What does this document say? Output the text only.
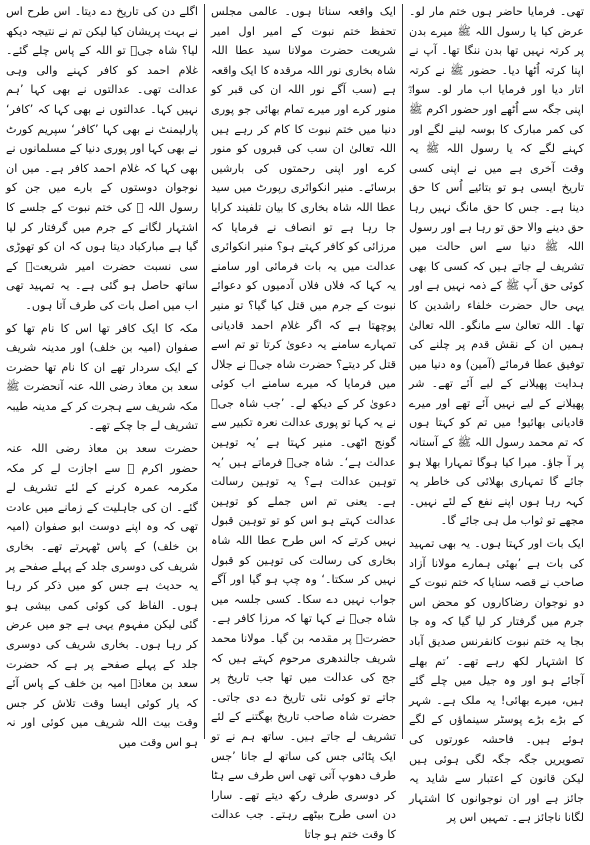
تھی۔ فرمایا حاضر ہوں ختم مار لو۔ عرض کیا یا رسول اللہ ﷺ میرے بدن پر کرتہ نہیں تھا بدن ننگا تھا۔ آپ نے اپنا کرتہ اُٹھا دیا۔ حضور ﷺ نے کرتہ اتار دیا اور فرمایا اب مار لو۔ سوادؓ اپنی جگہ سے اُٹھے اور حضور اکرم ﷺ کی کمر مبارک کا بوسہ لینے لگے اور کہنے لگے کہ یا رسول اللہ ﷺ یہ وقت آخری ہے میں نے اپنی کسی تاریخ ایسی ہو تو بتائیے اُس کا حق دینا ہے۔ جس کا حق مانگ نہیں رہا حق دینے والا حق تو رہا ہے اور رسول اللہ ﷺ دنیا سے اس حالت میں تشریف لے جاتے ہیں کہ کسی کا بھی کوئی حق آپ ﷺ کے ذمہ نہیں ہے اور یہی حال حضرت خلفاء راشدین کا تھا۔ اللہ تعالیٰ سے مانگو۔ اللہ تعالیٰ ہمیں ان کے نقش قدم پر چلنے کی توفیق عطا فرمائے (آمین) وہ دنیا میں ہدایت پھیلانے کے لیے آئے تھے۔ شر پھیلانے کے لیے نہیں آئے تھے اور میرے قادیانی بھائیو! میں تم کو کہتا ہوں کہ تم محمد رسول اللہ ﷺ کے آستانہ پر آ جاؤ۔ میرا کیا ہوگا تمہارا بھلا ہو جائے گا تمہاری بھلائی کی خاطر یہ کہہ رہا ہوں اپنے نفع کے لئے نہیں۔ مجھے تو ثواب مل ہی جائے گا۔

ایک بات اور کہتا ہوں۔ یہ بھی تمہید کی بات ہے ’بھئی ہمارے مولانا آزاد صاحب نے قصہ سنایا کہ ختم نبوت کے دو نوجوان رضاکاروں کو محض اس جرم میں گرفتار کر لیا گیا کہ وہ جا بجا یہ ختم نبوت کانفرنس صدیق آباد کا اشتہار لکھ رہے تھے۔ ’تم بھلے آجائے ہو اور وہ جیل میں چلے گئے ہیں، میرے بھائی! یہ ملک ہے۔ شہر کے بڑے بڑے پوسٹر سینماؤں کے لگے ہوئے ہیں۔ فاحشہ عورتوں کی تصویریں جگہ جگہ لگی ہوئی ہیں لیکن قانون کے اعتبار سے شاید یہ جائز ہے اور ان نوجوانوں کا اشتہار لگانا ناجائز ہے۔ تمہیں اس پر

ایک واقعہ سناتا ہوں۔ عالمی مجلس تحفظ ختم نبوت کے امیر اول امیر شریعت حضرت مولانا سید عطا اللہ شاہ بخاری نور اللہ مرقدہ کا ایک واقعہ ہے (سب آگے نور اللہ ان کی قبر کو منور کرے اور میرے تمام بھائی جو پوری دنیا میں ختم نبوت کا کام کر رہے ہیں اللہ تعالیٰ ان سب کی قبروں کو منور کرے اور اپنی رحمتوں کی بارشیں برسائے۔ منیر انکوائری رپورٹ میں سید عطا اللہ شاہ بخاری کا بیان تلفیند کرایا جا رہا ہے تو انصاف نے فرمایا کہ مرزائی کو کافر کہتے ہو؟ منیر انکوائری عدالت میں یہ بات فرمائی اور سامنے یہ کہا کہ فلاں فلاں آدمیوں کو دعوائے نبوت کے جرم میں قتل کیا گیا؟ تو منیر پوچھتا ہے کہ اگر غلام احمد قادیانی تمہارے سامنے یہ دعویٰ کرتا تو تم اسے قتل کر دیتے؟ حضرت شاہ جیؒ نے جلال میں فرمایا کہ میرے سامنے اب کوئی دعویٰ کر کے دیکھ لے۔ ’جب شاہ جیؒ نے یہ کہا تو پوری عدالت نعرہ تکبیر سے گونج اٹھی۔ منیر کہتا ہے ’یہ توہین عدالت ہے‘۔ شاہ جیؒ فرماتے ہیں ’یہ توہین عدالت ہے؟ یہ توہین رسالت ہے۔ یعنی تم اس جملے کو توہین عدالت کہتے ہو اس کو تو توہین قبول نہیں کرتے کہ اس طرح عطا اللہ شاہ بخاری کی رسالت کی توہین کو قبول نہیں کر سکتا۔‘ وہ چپ ہو گیا اور آگے جواب نہیں دے سکا۔ کسی جلسہ میں شاہ جیؒ نے کہا تھا کہ مرزا کافر ہے۔ حضرتؒ پر مقدمہ بن گیا۔ مولانا محمد شریف جالندھری مرحوم کہتے ہیں کہ جج کی عدالت میں تھا جب تاریخ پر جاتے تو کوئی نئی تاریخ دے دی جاتی۔ حضرت شاہ صاحب تاریخ بھگتنے کے لئے تشریف لے جاتے ہیں۔ ساتھ ہم نے تو ایک پٹائی جس کی ساتھ لے جانا ’جس طرف دھوپ آتی تھی اس طرف سے ہٹا کر دوسری طرف رکھ دیتے تھے۔ سارا دن اسی طرح بیٹھے رہتے۔ جب عدالت کا وقت ختم ہو جاتا

اگلے دن کی تاریخ دے دیتا۔ اس طرح اس نے بہت پریشان کیا لیکن تم نے نتیجہ دیکھ لیا؟ شاہ جیؒ تو اللہ کے پاس چلے گئے۔ غلام احمد کو کافر کہنے والی وہی عدالت تھی۔ عدالتوں نے بھی کہا ’ہم نہیں کہا۔ عدالتوں نے بھی کہا کہ ’کافر‘ پارلیمنٹ نے بھی کہا ’کافر‘ سپریم کورٹ نے بھی کہا اور پوری دنیا کے مسلمانوں نے بھی کہا کہ غلام احمد کافر ہے۔ میں ان نوجوان دوستوں کے بارے میں جن کو رسول اللہ ﷺ کی ختم نبوت کے جلسے کا اشتہار لگانے کے جرم میں گرفتار کر لیا گیا ہے مبارکباد دیتا ہوں کہ ان کو تھوڑی سی نسبت حضرت امیر شریعتؒ کے ساتھ حاصل ہو گئی ہے۔ یہ تمہید تھی اب میں اصل بات کی طرف آتا ہوں۔

مکہ کا ایک کافر تھا اس کا نام تھا کو صفوان (امیہ بن خلف) اور مدینہ شریف کے ایک سردار تھے ان کا نام تھا حضرت سعد بن معاذ رضی اللہ عنہ آنحضرت ﷺ مکہ شریف سے ہجرت کر کے مدینہ طیبہ تشریف لے جا چکے تھے۔

حضرت سعد بن معاذ رضی اللہ عنہ حضور اکرم ﷺ سے اجازت لے کر مکہ مکرمہ عمرہ کرنے کے لئے تشریف لے گئے۔ ان کی جاہلیت کے زمانے میں عادت تھی کہ وہ اپنے دوست ابو صفوان (امیہ بن خلف) کے پاس ٹھہرتے تھے۔ بخاری شریف کی دوسری جلد کے پہلے صفحے پر یہ حدیث ہے جس کو میں ذکر کر رہا ہوں۔ الفاظ کی کوئی کمی بیشی ہو گئی لیکن مفہوم یہی ہے جو میں عرض کر رہا ہوں۔ بخاری شریف کی دوسری جلد کے پہلے صفحے پر ہے کہ حضرت سعد بن معاذؓ امیہ بن خلف کے پاس آئے کہ یار کوئی ایسا وقت تلاش کر جس وقت بیت اللہ شریف میں کوئی اور نہ ہو اس وقت میں
